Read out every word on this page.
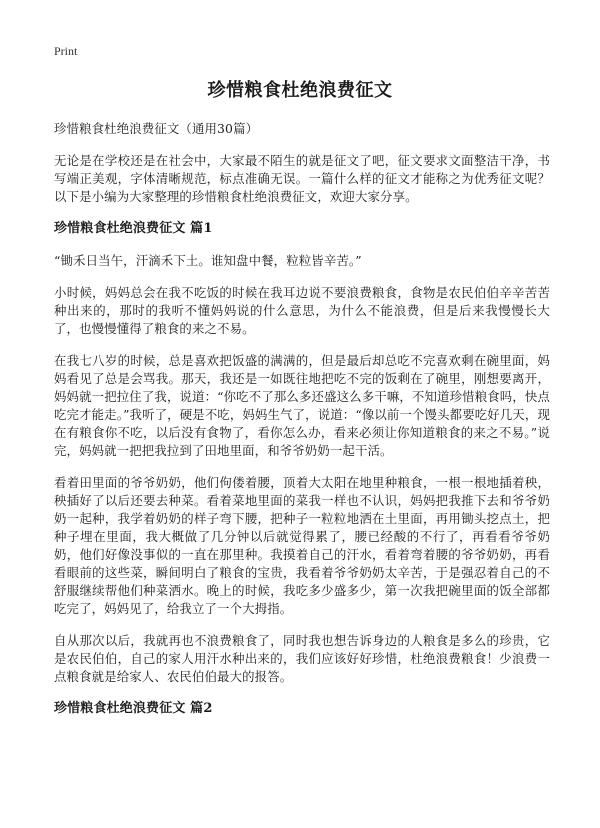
Print
珍惜粮食杜绝浪费征文

珍惜粮食杜绝浪费征文（通用30篇）

无论是在学校还是在社会中，大家最不陌生的就是征文了吧，征文要求文面整洁干净，书写端正美观，字体清晰规范，标点准确无误。一篇什么样的征文才能称之为优秀征文呢？以下是小编为大家整理的珍惜粮食杜绝浪费征文，欢迎大家分享。

珍惜粮食杜绝浪费征文 篇1

“锄禾日当午，汗滴禾下土。谁知盘中餐，粒粒皆辛苦。”

小时候，妈妈总会在我不吃饭的时候在我耳边说不要浪费粮食，食物是农民伯伯辛辛苦苦种出来的，那时的我听不懂妈妈说的什么意思，为什么不能浪费，但是后来我慢慢长大了，也慢慢懂得了粮食的来之不易。

在我七八岁的时候，总是喜欢把饭盛的满满的，但是最后却总吃不完喜欢剩在碗里面，妈妈看见了总是会骂我。那天，我还是一如既往地把吃不完的饭剩在了碗里，刚想要离开，妈妈就一把拉住了我，说道：“你吃不了那么多还盛这么多干嘛，不知道珍惜粮食吗，快点吃完才能走。”我听了，硬是不吃，妈妈生气了，说道：“像以前一个馒头都要吃好几天，现在有粮食你不吃，以后没有食物了，看你怎么办，看来必须让你知道粮食的来之不易。”说完，妈妈就一把把我拉到了田地里面，和爷爷奶奶一起干活。

看着田里面的爷爷奶奶，他们佝偻着腰，顶着大太阳在地里种粮食，一根一根地插着秧，秧插好了以后还要去种菜。看着菜地里面的菜我一样也不认识，妈妈把我推下去和爷爷奶奶一起种，我学着奶奶的样子弯下腰，把种子一粒粒地洒在土里面，再用锄头挖点土，把种子埋在里面，我大概做了几分钟以后就觉得累了，腰已经酸的不行了，再看看爷爷奶奶，他们好像没事似的一直在那里种。我摸着自己的汗水，看着弯着腰的爷爷奶奶，再看看眼前的这些菜，瞬间明白了粮食的宝贵，我看着爷爷奶奶太辛苦，于是强忍着自己的不舒服继续帮他们种菜洒水。晚上的时候，我吃多少盛多少，第一次我把碗里面的饭全部都吃完了，妈妈见了，给我立了一个大拇指。

自从那次以后，我就再也不浪费粮食了，同时我也想告诉身边的人粮食是多么的珍贵，它是农民伯伯，自己的家人用汗水种出来的，我们应该好好珍惜，杜绝浪费粮食！少浪费一点粮食就是给家人、农民伯伯最大的报答。

珍惜粮食杜绝浪费征文 篇2
